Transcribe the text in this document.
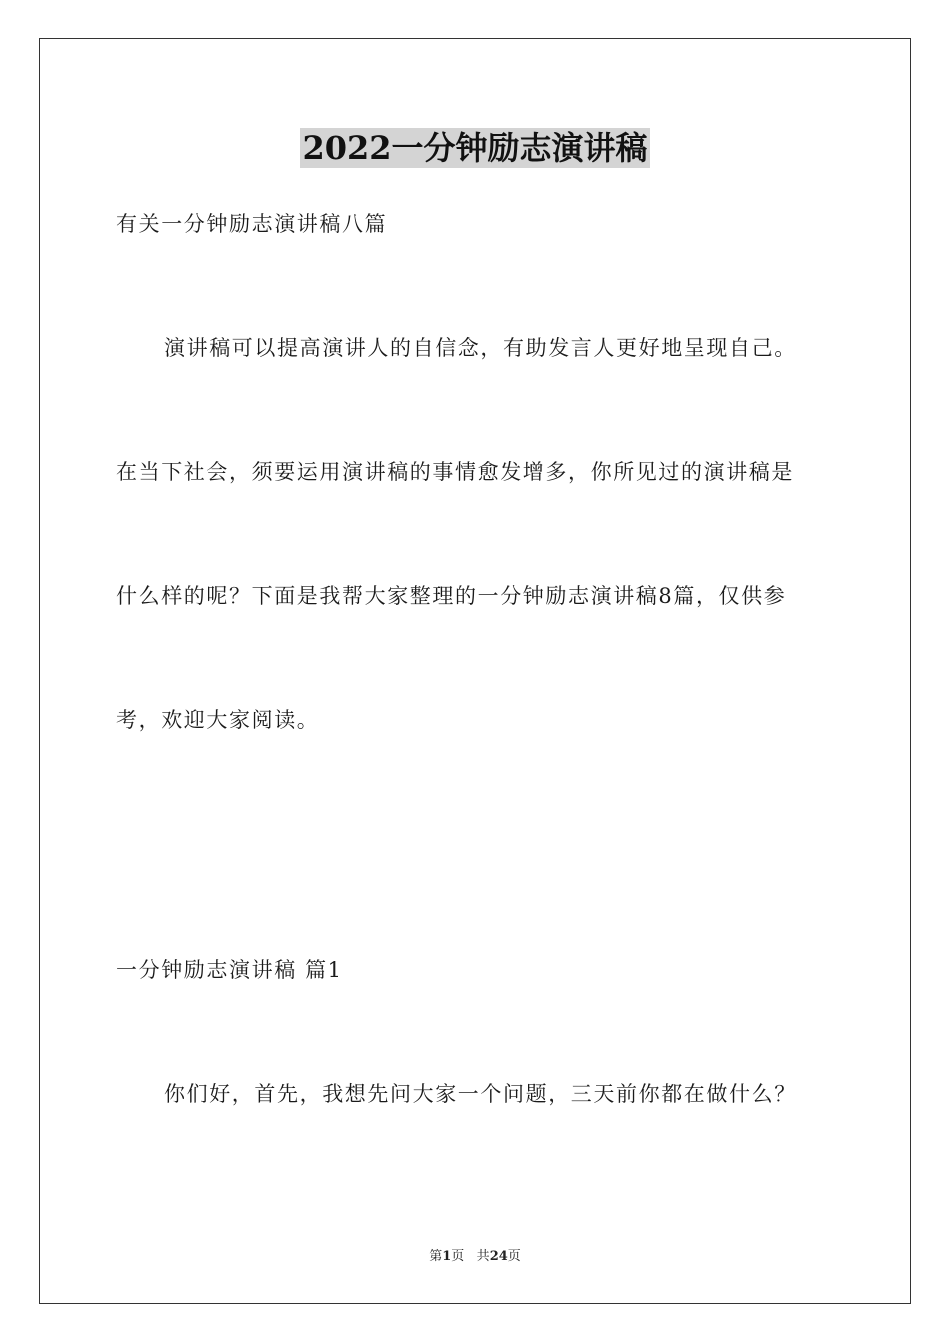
2022一分钟励志演讲稿
有关一分钟励志演讲稿八篇
演讲稿可以提高演讲人的自信念，有助发言人更好地呈现自己。
在当下社会，须要运用演讲稿的事情愈发增多，你所见过的演讲稿是
什么样的呢？下面是我帮大家整理的一分钟励志演讲稿8篇，仅供参
考，欢迎大家阅读。
一分钟励志演讲稿 篇1
你们好，首先，我想先问大家一个问题，三天前你都在做什么？
第1页 共24页
